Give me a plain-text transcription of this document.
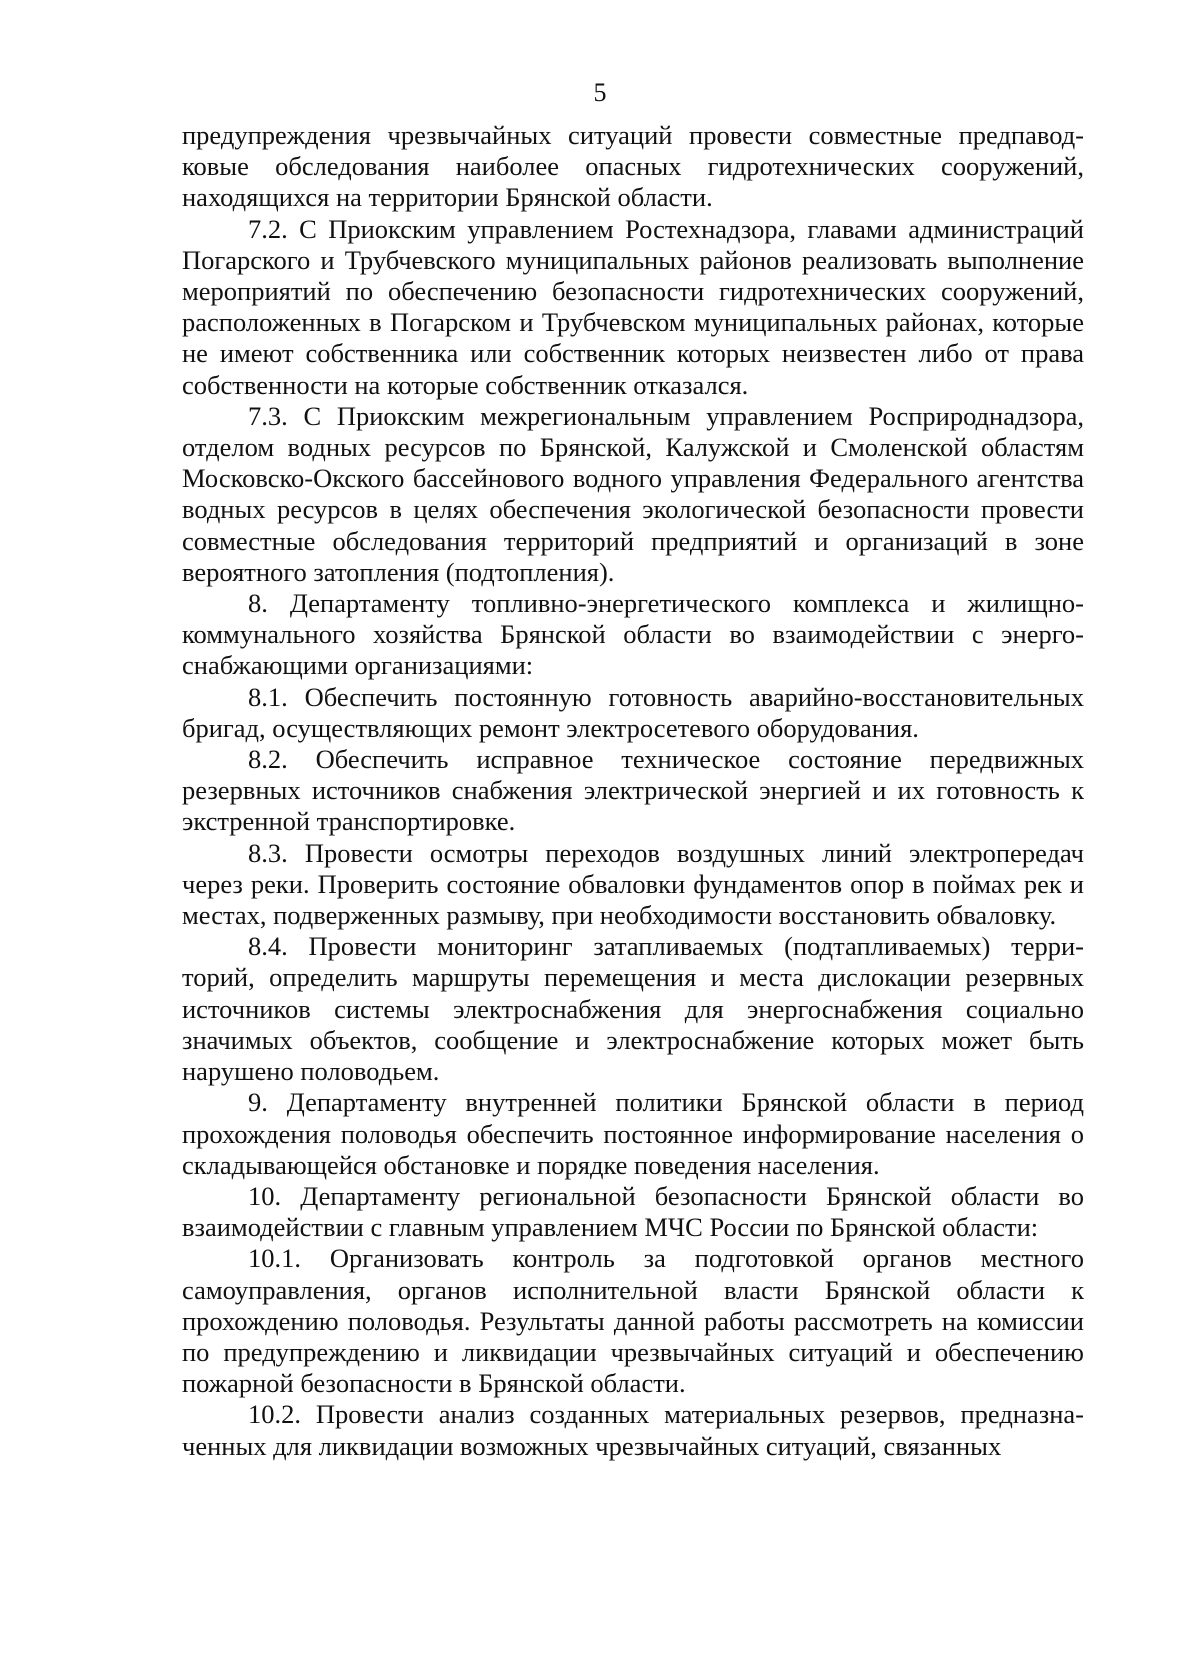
5

предупреждения чрезвычайных ситуаций провести совместные предпавод-ковые обследования наиболее опасных гидротехнических сооружений, находящихся на территории Брянской области.

7.2. С Приокским управлением Ростехнадзора, главами администраций Погарского и Трубчевского муниципальных районов реализовать выполнение мероприятий по обеспечению безопасности гидротехнических сооружений, расположенных в Погарском и Трубчевском муниципальных районах, которые не имеют собственника или собственник которых неизвестен либо от права собственности на которые собственник отказался.

7.3. С Приокским межрегиональным управлением Росприроднадзора, отделом водных ресурсов по Брянской, Калужской и Смоленской областям Московско-Окского бассейнового водного управления Федерального агентства водных ресурсов в целях обеспечения экологической безопасности провести совместные обследования территорий предприятий и организаций в зоне вероятного затопления (подтопления).

8. Департаменту топливно-энергетического комплекса и жилищно-коммунального хозяйства Брянской области во взаимодействии с энерго-снабжающими организациями:

8.1. Обеспечить постоянную готовность аварийно-восстановительных бригад, осуществляющих ремонт электросетевого оборудования.

8.2. Обеспечить исправное техническое состояние передвижных резервных источников снабжения электрической энергией и их готовность к экстренной транспортировке.

8.3. Провести осмотры переходов воздушных линий электропередач через реки. Проверить состояние обваловки фундаментов опор в поймах рек и местах, подверженных размыву, при необходимости восстановить обваловку.

8.4. Провести мониторинг затапливаемых (подтапливаемых) терри-торий, определить маршруты перемещения и места дислокации резервных источников системы электроснабжения для энергоснабжения социально значимых объектов, сообщение и электроснабжение которых может быть нарушено половодьем.

9. Департаменту внутренней политики Брянской области в период прохождения половодья обеспечить постоянное информирование населения о складывающейся обстановке и порядке поведения населения.

10. Департаменту региональной безопасности Брянской области во взаимодействии с главным управлением МЧС России по Брянской области:

10.1. Организовать контроль за подготовкой органов местного самоуправления, органов исполнительной власти Брянской области к прохождению половодья. Результаты данной работы рассмотреть на комиссии по предупреждению и ликвидации чрезвычайных ситуаций и обеспечению пожарной безопасности в Брянской области.

10.2. Провести анализ созданных материальных резервов, предназна-ченных для ликвидации возможных чрезвычайных ситуаций, связанных
